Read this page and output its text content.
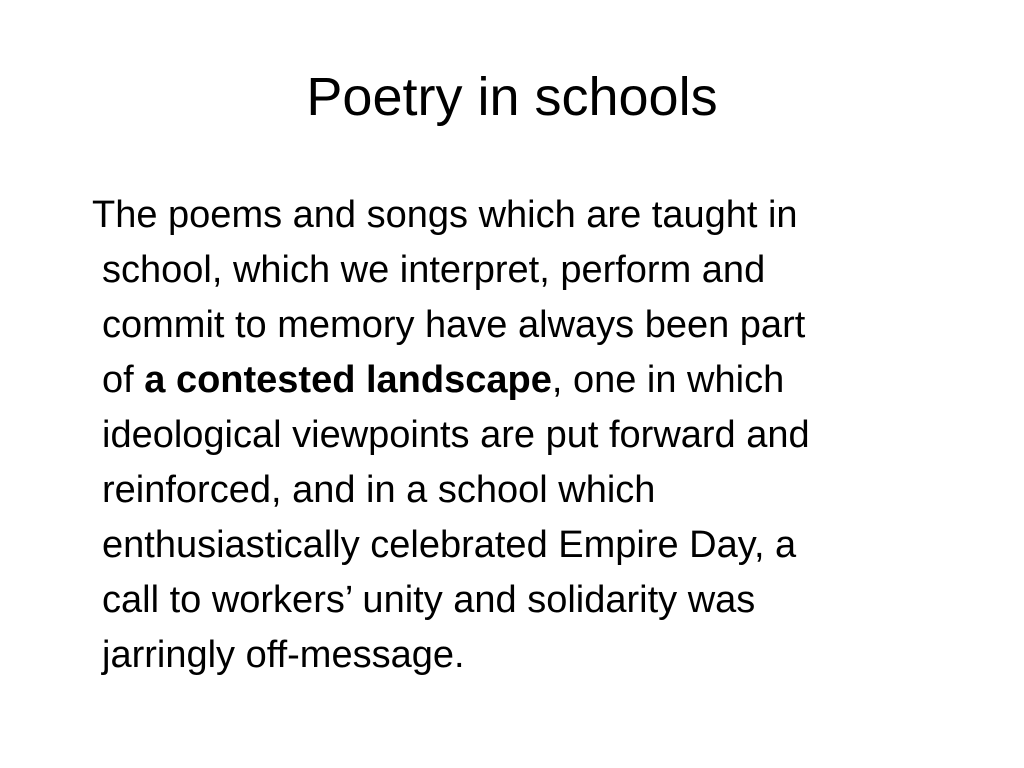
Poetry in schools

The poems and songs which are taught in
school, which we interpret, perform and
commit to memory have always been part
of a contested landscape, one in which
ideological viewpoints are put forward and
reinforced, and in a school which
enthusiastically celebrated Empire Day, a
call to workers’ unity and solidarity was
jarringly off-message.
